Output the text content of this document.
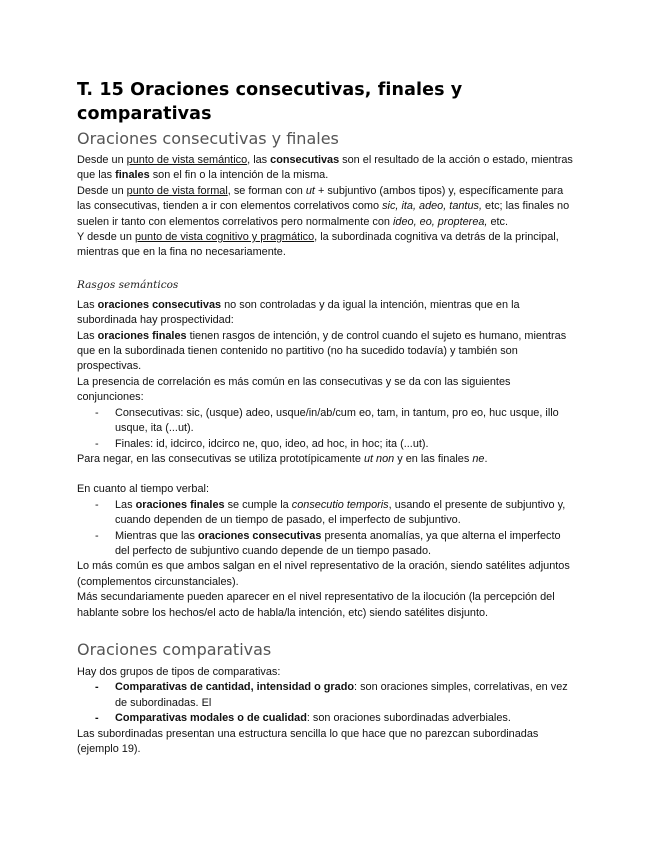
T. 15 Oraciones consecutivas, finales y comparativas
Oraciones consecutivas y finales

Desde un punto de vista semántico, las consecutivas son el resultado de la acción o estado, mientras que las finales son el fin o la intención de la misma.

Desde un punto de vista formal, se forman con ut + subjuntivo (ambos tipos) y, específicamente para las consecutivas, tienden a ir con elementos correlativos como sic, ita, adeo, tantus, etc; las finales no suelen ir tanto con elementos correlativos pero normalmente con ideo, eo, propterea, etc.

Y desde un punto de vista cognitivo y pragmático, la subordinada cognitiva va detrás de la principal, mientras que en la fina no necesariamente.

Rasgos semánticos

Las oraciones consecutivas no son controladas y da igual la intención, mientras que en la subordinada hay prospectividad:

Las oraciones finales tienen rasgos de intención, y de control cuando el sujeto es humano, mientras que en la subordinada tienen contenido no partitivo (no ha sucedido todavía) y también son prospectivas.

La presencia de correlación es más común en las consecutivas y se da con las siguientes conjunciones:

- Consecutivas: sic, (usque) adeo, usque/in/ab/cum eo, tam, in tantum, pro eo, huc usque, illo usque, ita (...ut).
- Finales: id, idcirco, idcirco ne, quo, ideo, ad hoc, in hoc; ita (...ut).

Para negar, en las consecutivas se utiliza prototípicamente ut non y en las finales ne.

En cuanto al tiempo verbal:

- Las oraciones finales se cumple la consecutio temporis, usando el presente de subjuntivo y, cuando dependen de un tiempo de pasado, el imperfecto de subjuntivo.
- Mientras que las oraciones consecutivas presenta anomalías, ya que alterna el imperfecto del perfecto de subjuntivo cuando depende de un tiempo pasado.

Lo más común es que ambos salgan en el nivel representativo de la oración, siendo satélites adjuntos (complementos circunstanciales).

Más secundariamente pueden aparecer en el nivel representativo de la ilocución (la percepción del hablante sobre los hechos/el acto de habla/la intención, etc) siendo satélites disjunto.

Oraciones comparativas

Hay dos grupos de tipos de comparativas:

- Comparativas de cantidad, intensidad o grado: son oraciones simples, correlativas, en vez de subordinadas. El
- Comparativas modales o de cualidad: son oraciones subordinadas adverbiales.

Las subordinadas presentan una estructura sencilla lo que hace que no parezcan subordinadas (ejemplo 19).
